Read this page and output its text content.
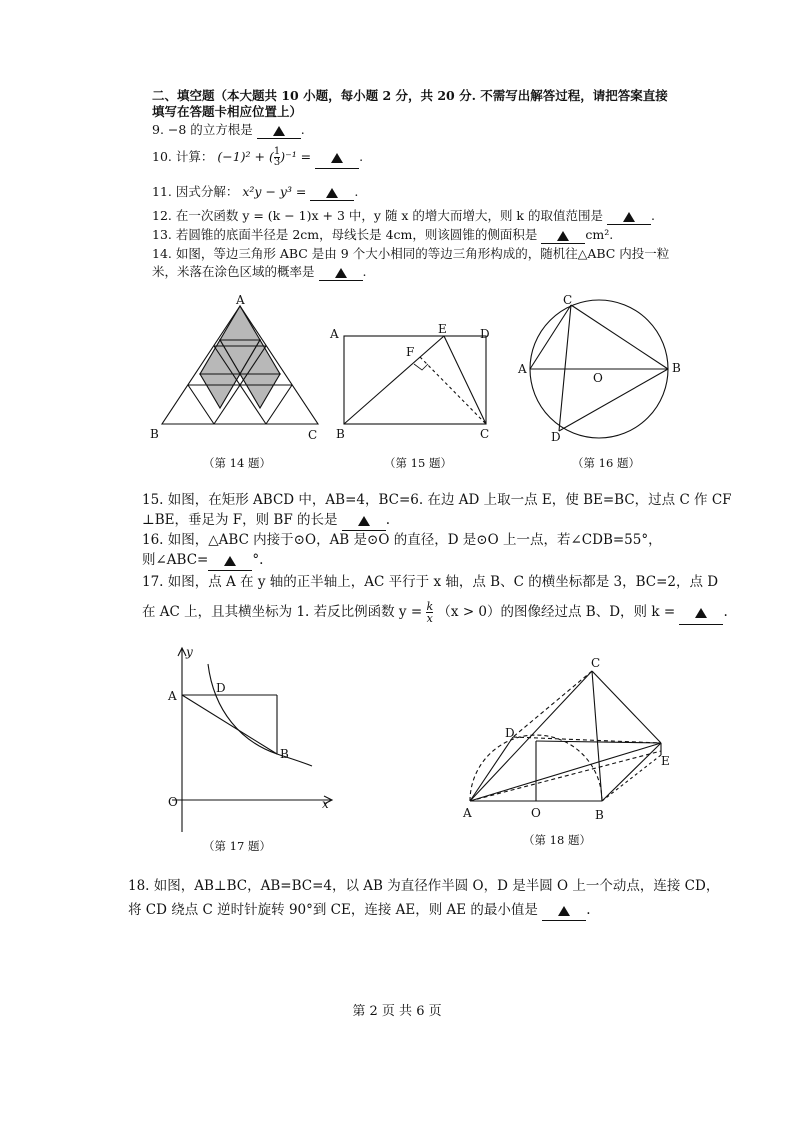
二、填空题（本大题共 10 小题，每小题 2 分，共 20 分. 不需写出解答过程，请把答案直接
填写在答题卡相应位置上）
9. −8 的立方根是	.
10. 计算： (−1)² + ( $\frac{1}{3} )^{-1}$ =	.
11. 因式分解： x²y − y³ =	.
12. 在一次函数 y = (k − 1)x + 3 中，y 随 x 的增大而增大，则 k 的取值范围是	.
13. 若圆锥的底面半径是 2cm，母线长是 4cm，则该圆锥的侧面积是	cm².
14. 如图，等边三角形 ABC 是由 9 个大小相同的等边三角形构成的，随机往△ABC 内投一粒
米，米落在涂色区域的概率是	.
A
B	C
（第 14 题）
A	E	D
F
B	C
（第 15 题）
C
A
O
B
D
（第 16 题）
15. 如图，在矩形 ABCD 中，AB=4，BC=6. 在边 AD 上取一点 E，使 BE=BC，过点 C 作 CF
⊥BE，垂足为 F，则 BF 的长是	.
16. 如图，△ABC 内接于⊙O，AB 是⊙O 的直径，D 是⊙O 上一点，若∠CDB=55°，
则∠ABC=	°.
17. 如图，点 A 在 y 轴的正半轴上，AC 平行于 x 轴，点 B、C 的横坐标都是 3，BC=2，点 D
在 AC 上，且其横坐标为 1. 若反比例函数 $y = \frac{k}{x} (x > 0)$的图像经过点 B、D，则 k =	.
y
A
D
B
O	x
（第 17 题）
C
D
E
A	O	B
（第 18 题）
18. 如图，AB⊥BC，AB=BC=4，以 AB 为直径作半圆 O，D 是半圆 O 上一个动点，连接 CD，
将 CD 绕点 C 逆时针旋转 90°到 CE，连接 AE，则 AE 的最小值是	.
第 2 页 共 6 页
